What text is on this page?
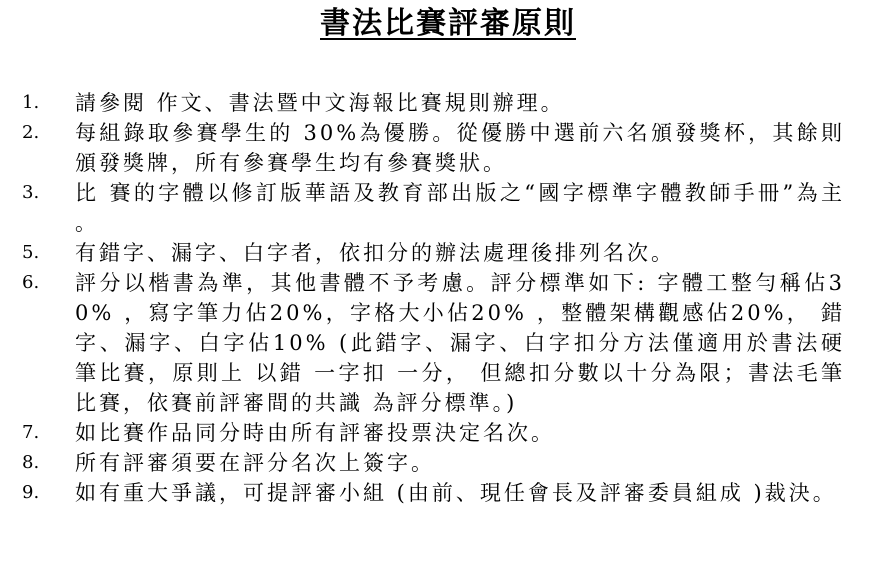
書法比賽評審原則
1.	請參閱 作文、書法暨中文海報比賽規則辦理。
2.	每組錄取參賽學生的 30%為優勝。從優勝中選前六名頒發獎杯，其餘則頒發獎牌，所有參賽學生均有參賽獎狀。
3.	比 賽的字體以修訂版華語及教育部出版之“國字標準字體教師手冊”為主 。
5.	有錯字、漏字、白字者，依扣分的辦法處理後排列名次。
6.	評分以楷書為準，其他書體不予考慮。評分標準如下: 字體工整勻稱佔30% ，寫字筆力佔20%，字格大小佔20% ，整體架構觀感佔20%， 錯字、漏字、白字佔10% (此錯字、漏字、白字扣分方法僅適用於書法硬筆比賽，原則上 以錯 一字扣 一分， 但總扣分數以十分為限；書法毛筆比賽，依賽前評審間的共識 為評分標準。)
7.	如比賽作品同分時由所有評審投票決定名次。
8.	所有評審須要在評分名次上簽字。
9.	如有重大爭議，可提評審小組 (由前、現任會長及評審委員組成 )裁決。
